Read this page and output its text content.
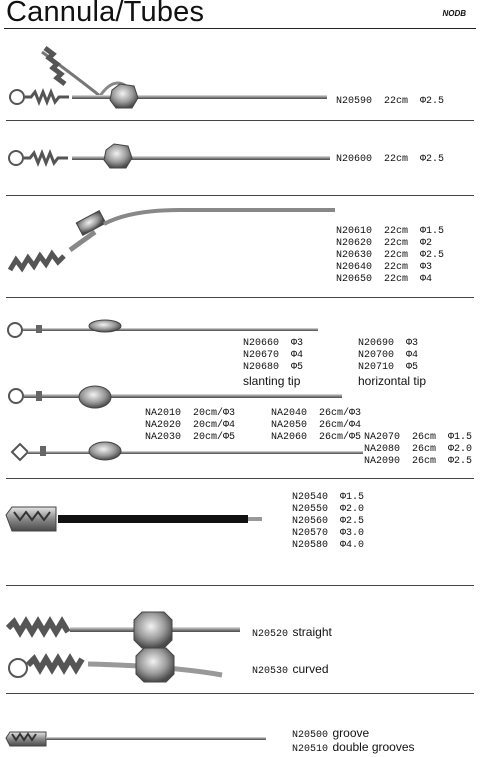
Cannula/Tubes	NODB
N20590  22cm  Φ2.5
N20600  22cm  Φ2.5
N20610  22cm  Φ1.5
N20620  22cm  Φ2
N20630  22cm  Φ2.5
N20640  22cm  Φ3
N20650  22cm  Φ4
N20660  Φ3
N20670  Φ4
N20680  Φ5
slanting tip
N20690  Φ3
N20700  Φ4
N20710  Φ5
horizontal tip
NA2010  20cm/Φ3
NA2020  20cm/Φ4
NA2030  20cm/Φ5
NA2040  26cm/Φ3
NA2050  26cm/Φ4
NA2060  26cm/Φ5 NA2070  26cm  Φ1.5
NA2080  26cm  Φ2.0
NA2090  26cm  Φ2.5
N20540  Φ1.5
N20550  Φ2.0
N20560  Φ2.5
N20570  Φ3.0
N20580  Φ4.0
N20520 straight
N20530 curved
N20500 groove
N20510 double grooves
